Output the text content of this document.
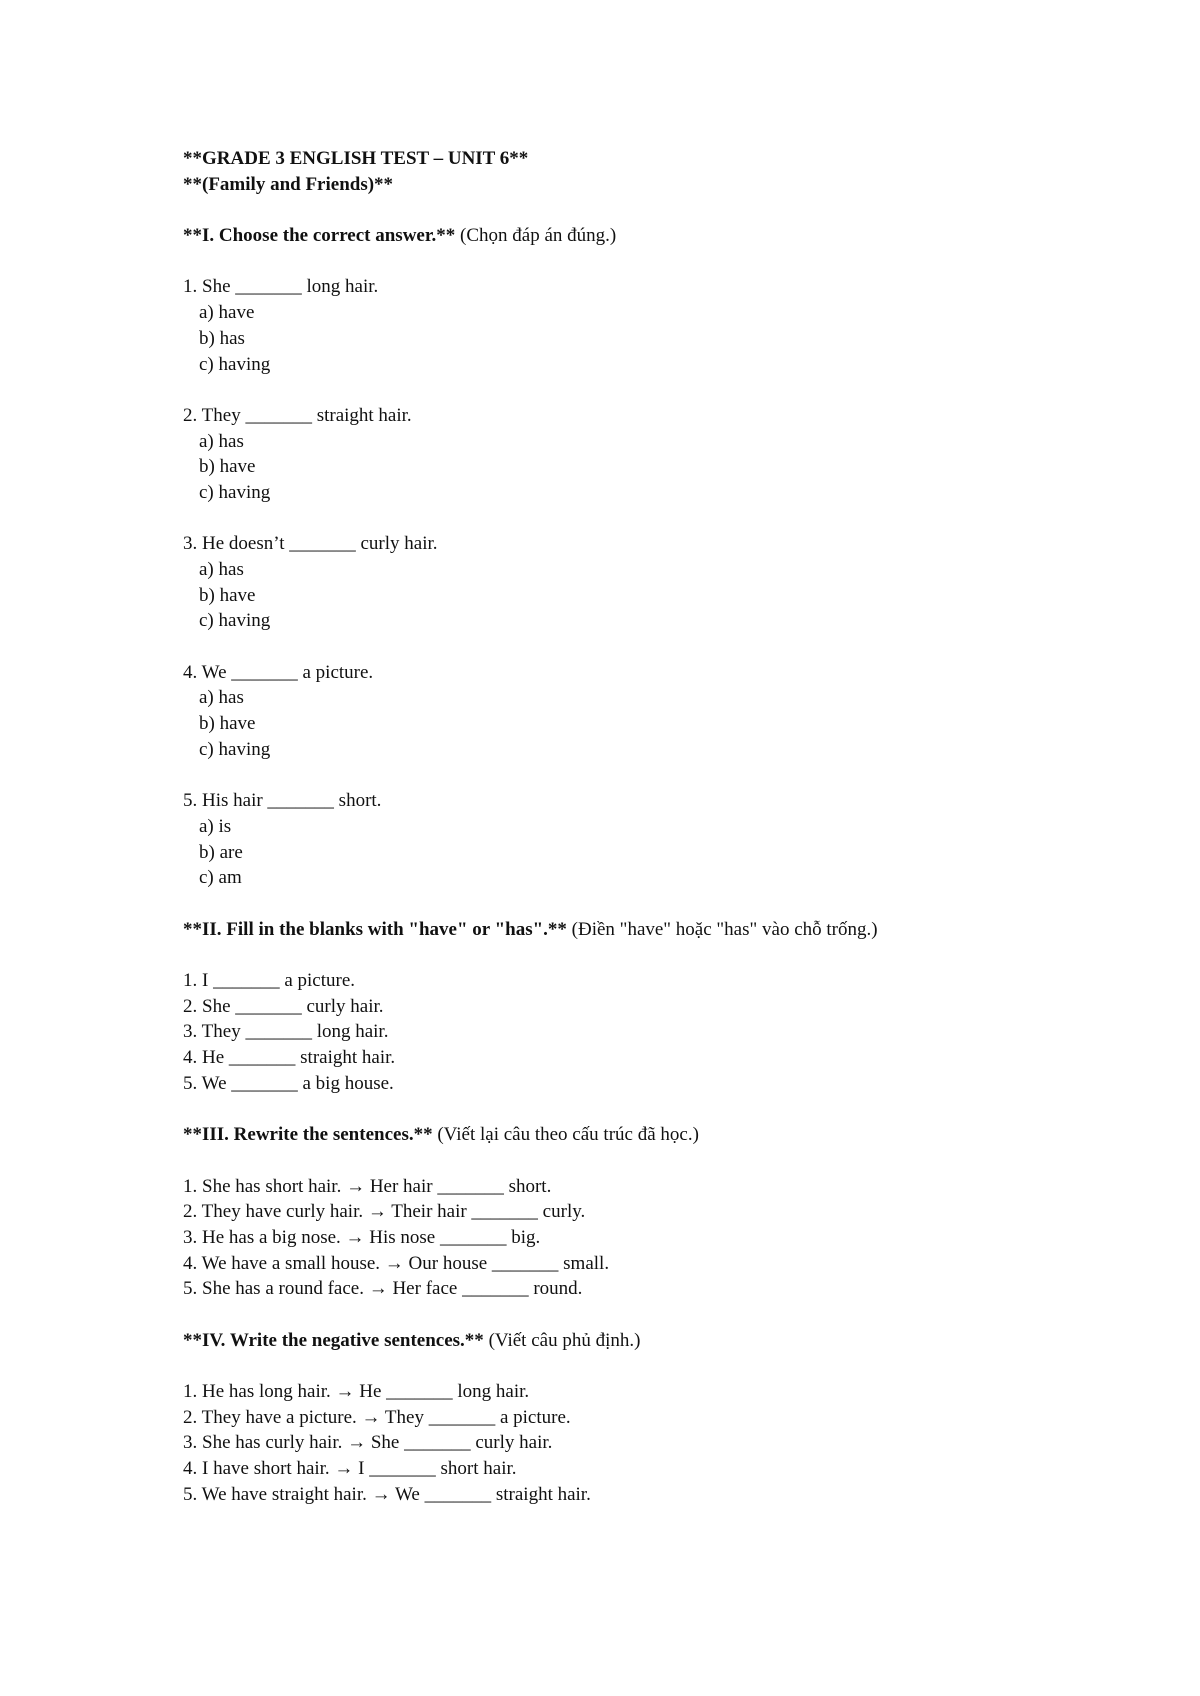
**GRADE 3 ENGLISH TEST – UNIT 6**
**(Family and Friends)**
**I. Choose the correct answer.** (Chọn đáp án đúng.)
1. She _______ long hair.
a) have
b) has
c) having
2. They _______ straight hair.
a) has
b) have
c) having
3. He doesn’t _______ curly hair.
a) has
b) have
c) having
4. We _______ a picture.
a) has
b) have
c) having
5. His hair _______ short.
a) is
b) are
c) am
**II. Fill in the blanks with "have" or "has".** (Điền "have" hoặc "has" vào chỗ trống.)
1. I _______ a picture.
2. She _______ curly hair.
3. They _______ long hair.
4. He _______ straight hair.
5. We _______ a big house.
**III. Rewrite the sentences.** (Viết lại câu theo cấu trúc đã học.)
1. She has short hair. → Her hair _______ short.
2. They have curly hair. → Their hair _______ curly.
3. He has a big nose. → His nose _______ big.
4. We have a small house. → Our house _______ small.
5. She has a round face. → Her face _______ round.
**IV. Write the negative sentences.** (Viết câu phủ định.)
1. He has long hair. → He _______ long hair.
2. They have a picture. → They _______ a picture.
3. She has curly hair. → She _______ curly hair.
4. I have short hair. → I _______ short hair.
5. We have straight hair. → We _______ straight hair.
